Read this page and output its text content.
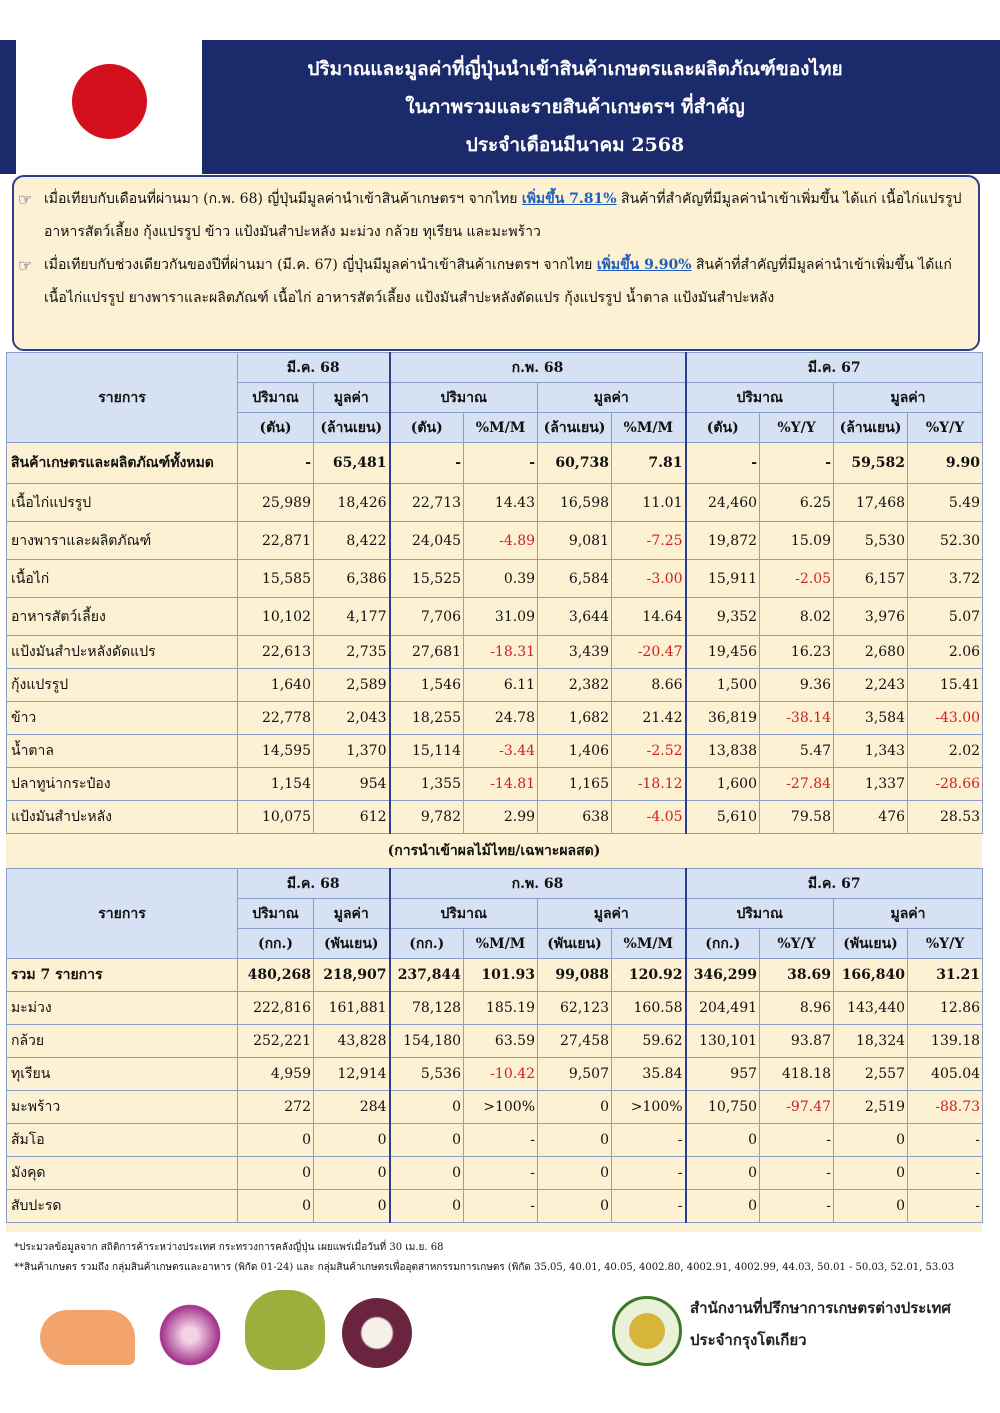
ปริมาณและมูลค่าที่ญี่ปุ่นนำเข้าสินค้าเกษตรและผลิตภัณฑ์ของไทย
ในภาพรวมและรายสินค้าเกษตรฯ ที่สำคัญ
ประจำเดือนมีนาคม 2568
☞ เมื่อเทียบกับเดือนที่ผ่านมา (ก.พ. 68) ญี่ปุ่นมีมูลค่านำเข้าสินค้าเกษตรฯ จากไทย เพิ่มขึ้น 7.81% สินค้าที่สำคัญที่มีมูลค่านำเข้าเพิ่มขึ้น ได้แก่ เนื้อไก่แปรรูป อาหารสัตว์เลี้ยง กุ้งแปรรูป ข้าว แป้งมันสำปะหลัง มะม่วง กล้วย ทุเรียน และมะพร้าว
☞ เมื่อเทียบกับช่วงเดียวกันของปีที่ผ่านมา (มี.ค. 67) ญี่ปุ่นมีมูลค่านำเข้าสินค้าเกษตรฯ จากไทย เพิ่มขึ้น 9.90% สินค้าที่สำคัญที่มีมูลค่านำเข้าเพิ่มขึ้น ได้แก่ เนื้อไก่แปรรูป ยางพาราและผลิตภัณฑ์ เนื้อไก่ อาหารสัตว์เลี้ยง แป้งมันสำปะหลังดัดแปร กุ้งแปรรูป น้ำตาล แป้งมันสำปะหลัง
รายการ	มี.ค. 68		ก.พ. 68				มี.ค. 67			
	ปริมาณ	มูลค่า	ปริมาณ		มูลค่า		ปริมาณ		มูลค่า	
	(ตัน)	(ล้านเยน)	(ตัน)	%M/M	(ล้านเยน)	%M/M	(ตัน)	%Y/Y	(ล้านเยน)	%Y/Y
สินค้าเกษตรและผลิตภัณฑ์ทั้งหมด	-	65,481	-	-	60,738	7.81	-	-	59,582	9.90
เนื้อไก่แปรรูป	25,989	18,426	22,713	14.43	16,598	11.01	24,460	6.25	17,468	5.49
ยางพาราและผลิตภัณฑ์	22,871	8,422	24,045	-4.89	9,081	-7.25	19,872	15.09	5,530	52.30
เนื้อไก่	15,585	6,386	15,525	0.39	6,584	-3.00	15,911	-2.05	6,157	3.72
อาหารสัตว์เลี้ยง	10,102	4,177	7,706	31.09	3,644	14.64	9,352	8.02	3,976	5.07
แป้งมันสำปะหลังดัดแปร	22,613	2,735	27,681	-18.31	3,439	-20.47	19,456	16.23	2,680	2.06
กุ้งแปรรูป	1,640	2,589	1,546	6.11	2,382	8.66	1,500	9.36	2,243	15.41
ข้าว	22,778	2,043	18,255	24.78	1,682	21.42	36,819	-38.14	3,584	-43.00
น้ำตาล	14,595	1,370	15,114	-3.44	1,406	-2.52	13,838	5.47	1,343	2.02
ปลาทูน่ากระป๋อง	1,154	954	1,355	-14.81	1,165	-18.12	1,600	-27.84	1,337	-28.66
แป้งมันสำปะหลัง	10,075	612	9,782	2.99	638	-4.05	5,610	79.58	476	28.53
(การนำเข้าผลไม้ไทย/เฉพาะผลสด)
รายการ	มี.ค. 68		ก.พ. 68				มี.ค. 67			
	ปริมาณ	มูลค่า	ปริมาณ		มูลค่า		ปริมาณ		มูลค่า	
	(กก.)	(พันเยน)	(กก.)	%M/M	(พันเยน)	%M/M	(กก.)	%Y/Y	(พันเยน)	%Y/Y
รวม 7 รายการ	480,268	218,907	237,844	101.93	99,088	120.92	346,299	38.69	166,840	31.21
มะม่วง	222,816	161,881	78,128	185.19	62,123	160.58	204,491	8.96	143,440	12.86
กล้วย	252,221	43,828	154,180	63.59	27,458	59.62	130,101	93.87	18,324	139.18
ทุเรียน	4,959	12,914	5,536	-10.42	9,507	35.84	957	418.18	2,557	405.04
มะพร้าว	272	284	0	>100%	0	>100%	10,750	-97.47	2,519	-88.73
ส้มโอ	0	0	0	-	0	-	0	-	0	-
มังคุด	0	0	0	-	0	-	0	-	0	-
สับปะรด	0	0	0	-	0	-	0	-	0	-
*ประมวลข้อมูลจาก สถิติการค้าระหว่างประเทศ กระทรวงการคลังญี่ปุ่น เผยแพร่เมื่อวันที่ 30 เม.ย. 68
**สินค้าเกษตร รวมถึง กลุ่มสินค้าเกษตรและอาหาร (พิกัด 01-24) และ กลุ่มสินค้าเกษตรเพื่ออุตสาหกรรมการเกษตร (พิกัด 35.05, 40.01, 40.05, 4002.80, 4002.91, 4002.99, 44.03, 50.01 - 50.03, 52.01, 53.03
สำนักงานที่ปรึกษาการเกษตรต่างประเทศ
ประจำกรุงโตเกียว
